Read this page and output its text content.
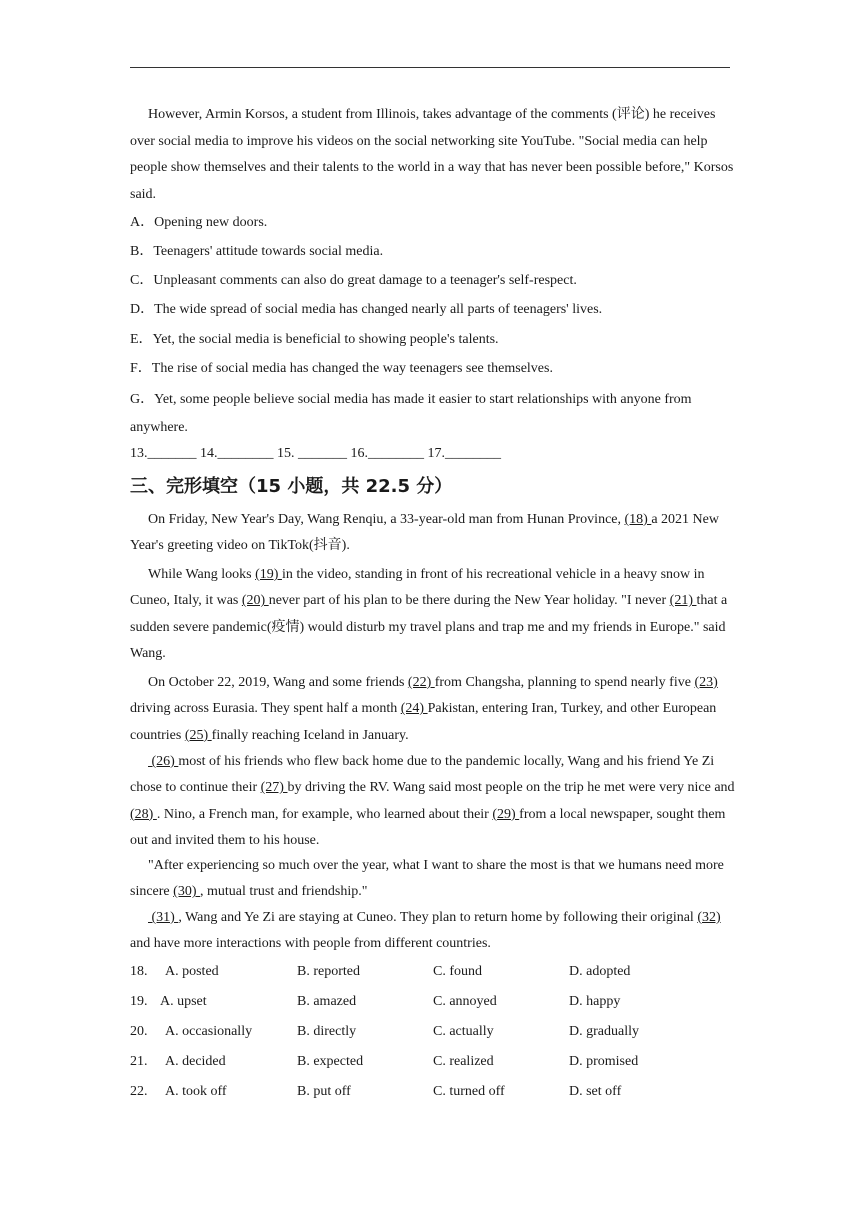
However, Armin Korsos, a student from Illinois, takes advantage of the comments (评论) he receives over social media to improve his videos on the social networking site YouTube. "Social media can help people show themselves and their talents to the world in a way that has never been possible before," Korsos said.

A．Opening new doors.
B．Teenagers' attitude towards social media.
C．Unpleasant comments can also do great damage to a teenager's self-respect.
D．The wide spread of social media has changed nearly all parts of teenagers' lives.
E．Yet, the social media is beneficial to showing people's talents.
F．The rise of social media has changed the way teenagers see themselves.

G．Yet, some people believe social media has made it easier to start relationships with anyone from anywhere.

13._______ 14.________ 15. _______ 16.________ 17.________
三、完形填空（15 小题，共 22.5 分）

On Friday, New Year's Day, Wang Renqiu, a 33-year-old man from Hunan Province, (18) a 2021 New Year's greeting video on TikTok(抖音).

While Wang looks (19) in the video, standing in front of his recreational vehicle in a heavy snow in Cuneo, Italy, it was (20) never part of his plan to be there during the New Year holiday. "I never (21) that a sudden severe pandemic(疫情) would disturb my travel plans and trap me and my friends in Europe." said Wang.

On October 22, 2019, Wang and some friends (22) from Changsha, planning to spend nearly five (23) driving across Eurasia. They spent half a month (24) Pakistan, entering Iran, Turkey, and other European countries (25) finally reaching Iceland in January.

(26) most of his friends who flew back home due to the pandemic locally, Wang and his friend Ye Zi chose to continue their (27) by driving the RV. Wang said most people on the trip he met were very nice and (28) . Nino, a French man, for example, who learned about their (29) from a local newspaper, sought them out and invited them to his house.

"After experiencing so much over the year, what I want to share the most is that we humans need more sincere (30) , mutual trust and friendship."

(31) , Wang and Ye Zi are staying at Cuneo. They plan to return home by following their original (32) and have more interactions with people from different countries.

18. A. posted	B. reported	C. found	D. adopted
19. A. upset	B. amazed	C. annoyed	D. happy
20. A. occasionally	B. directly	C. actually	D. gradually
21. A. decided	B. expected	C. realized	D. promised
22. A. took off	B. put off	C. turned off	D. set off
